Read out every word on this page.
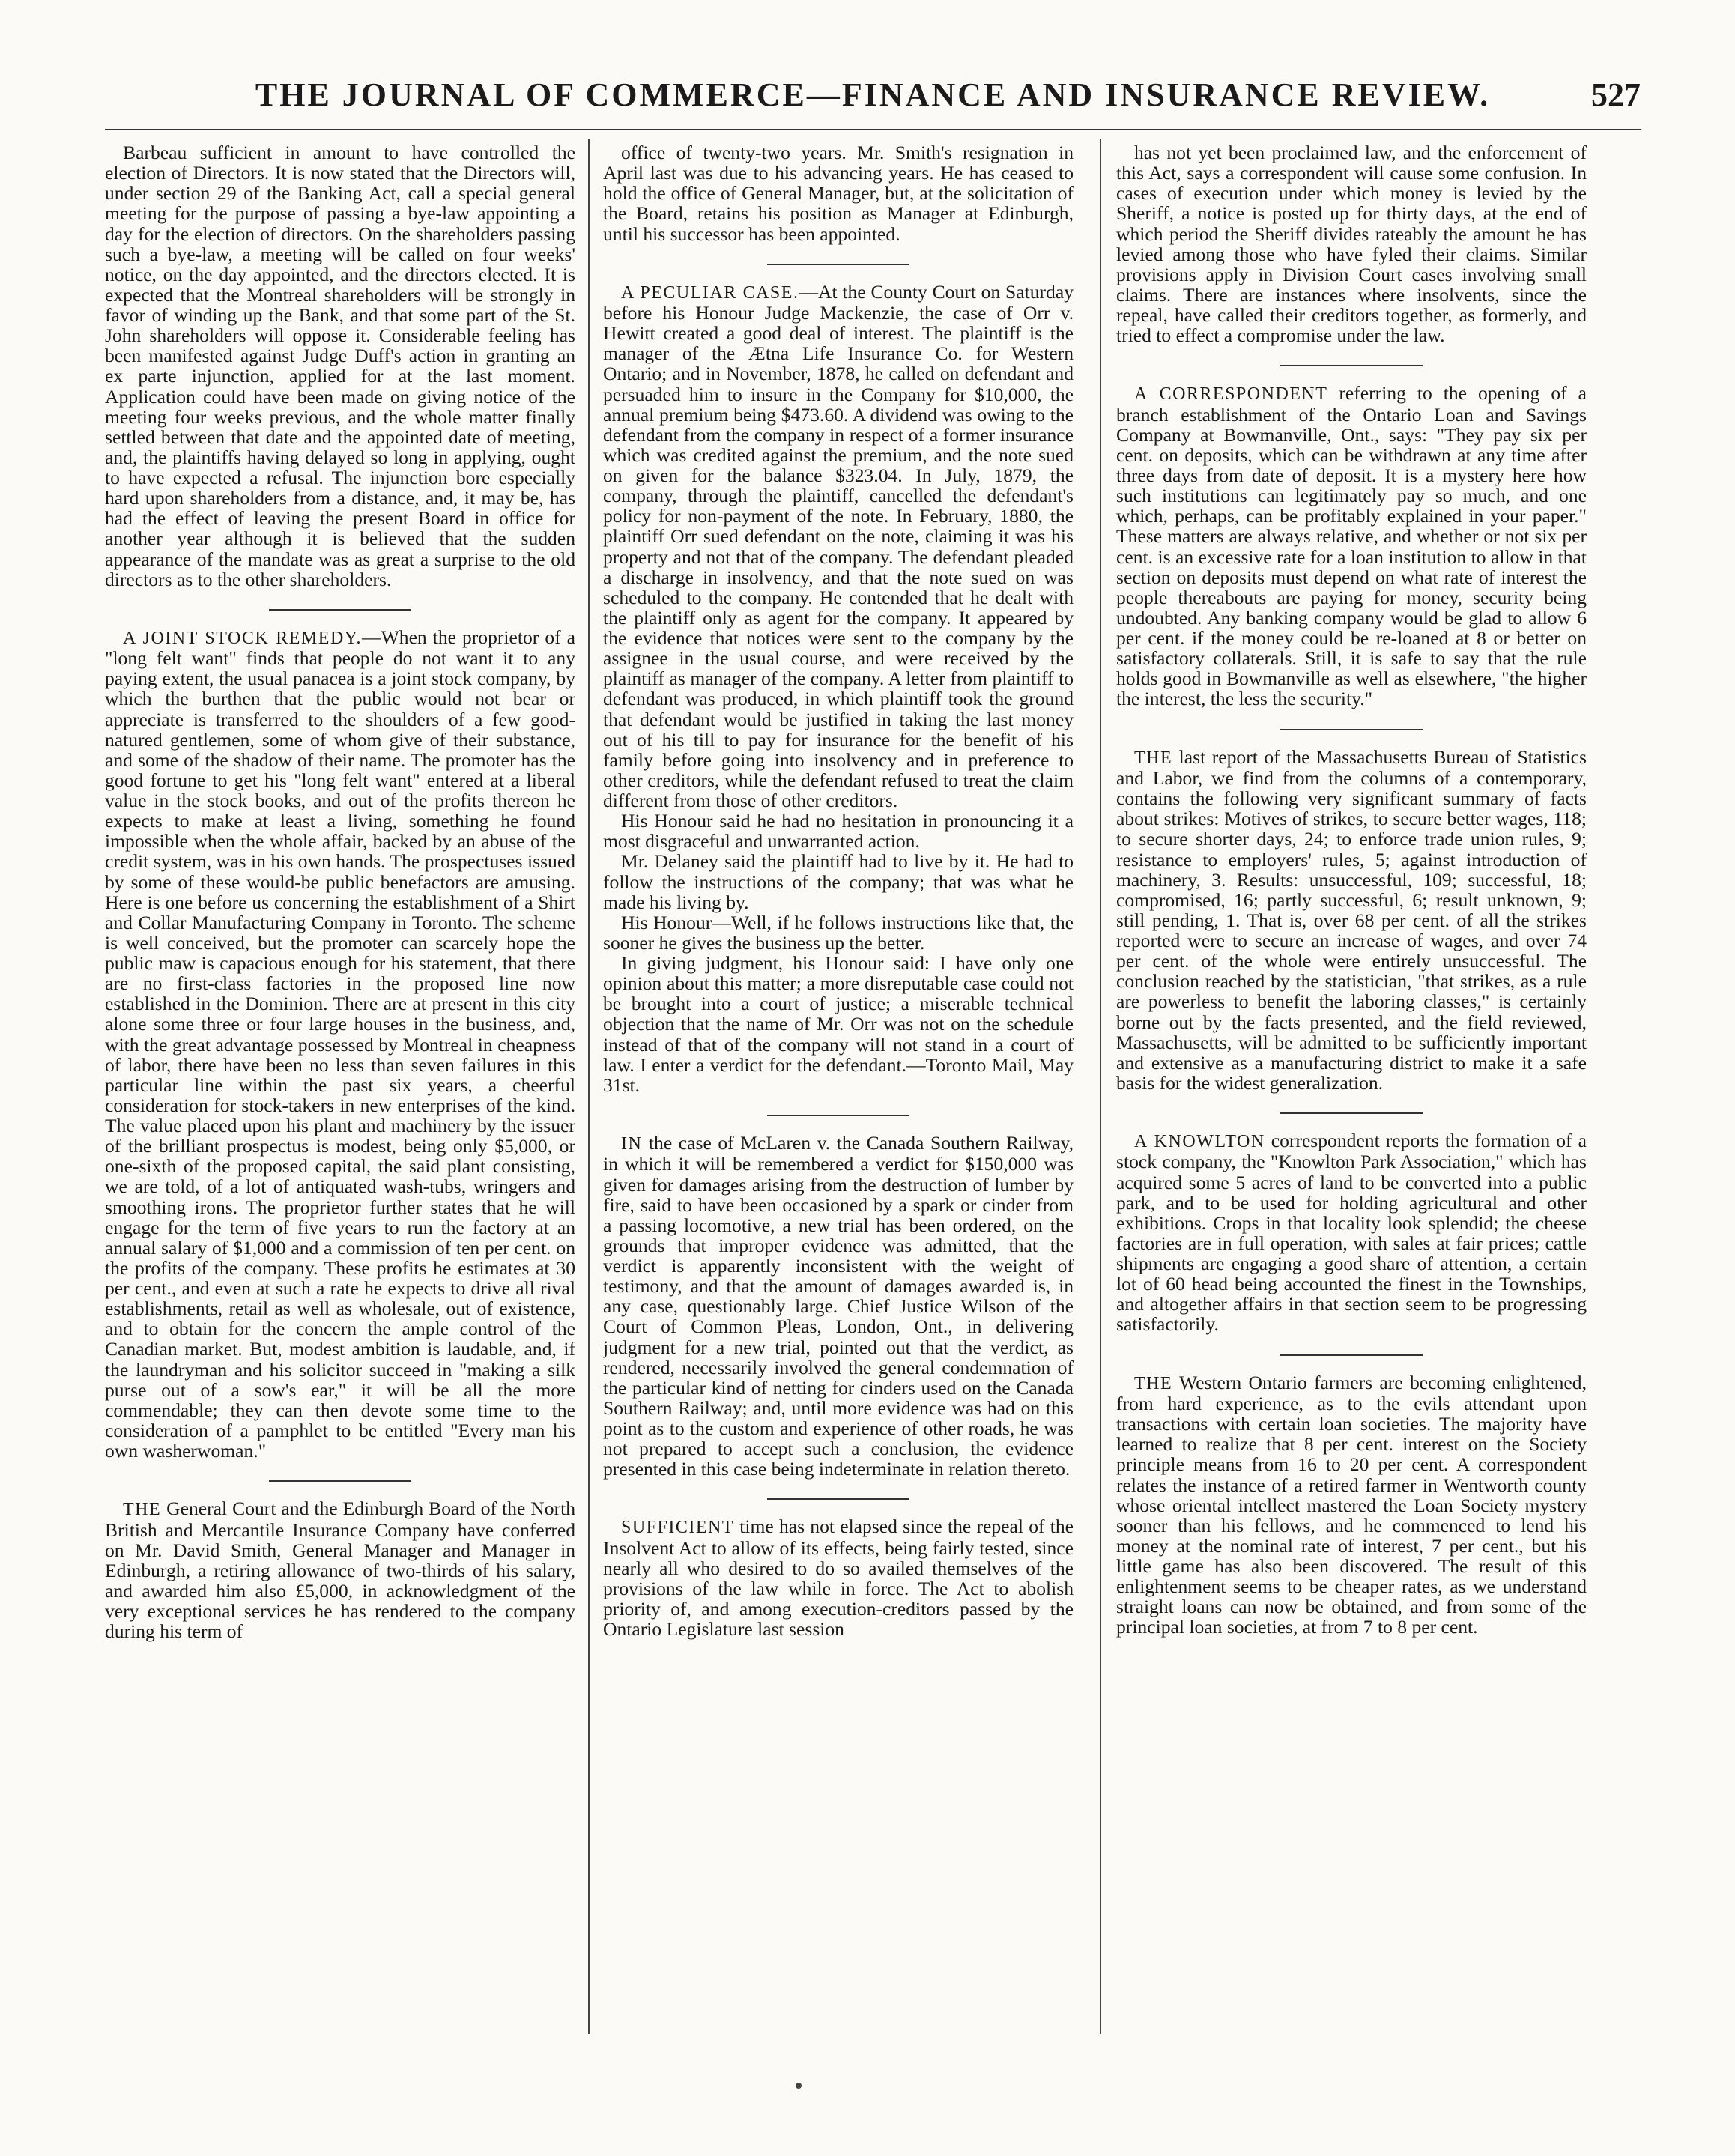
THE JOURNAL OF COMMERCE—FINANCE AND INSURANCE REVIEW.	527

Barbeau sufficient in amount to have controlled the election of Directors. It is now stated that the Directors will, under section 29 of the Banking Act, call a special general meeting for the purpose of passing a bye-law appointing a day for the election of directors. On the shareholders passing such a bye-law, a meeting will be called on four weeks' notice, on the day appointed, and the directors elected. It is expected that the Montreal shareholders will be strongly in favor of winding up the Bank, and that some part of the St. John shareholders will oppose it. Considerable feeling has been manifested against Judge Duff's action in granting an ex parte injunction, applied for at the last moment. Application could have been made on giving notice of the meeting four weeks previous, and the whole matter finally settled between that date and the appointed date of meeting, and, the plaintiffs having delayed so long in applying, ought to have expected a refusal. The injunction bore especially hard upon shareholders from a distance, and, it may be, has had the effect of leaving the present Board in office for another year although it is believed that the sudden appearance of the mandate was as great a surprise to the old directors as to the other shareholders.

A JOINT STOCK REMEDY.—When the proprietor of a "long felt want" finds that people do not want it to any paying extent, the usual panacea is a joint stock company, by which the burthen that the public would not bear or appreciate is transferred to the shoulders of a few good-natured gentlemen, some of whom give of their substance, and some of the shadow of their name. The promoter has the good fortune to get his "long felt want" entered at a liberal value in the stock books, and out of the profits thereon he expects to make at least a living, something he found impossible when the whole affair, backed by an abuse of the credit system, was in his own hands. The prospectuses issued by some of these would-be public benefactors are amusing. Here is one before us concerning the establishment of a Shirt and Collar Manufacturing Company in Toronto. The scheme is well conceived, but the promoter can scarcely hope the public maw is capacious enough for his statement, that there are no first-class factories in the proposed line now established in the Dominion. There are at present in this city alone some three or four large houses in the business, and, with the great advantage possessed by Montreal in cheapness of labor, there have been no less than seven failures in this particular line within the past six years, a cheerful consideration for stock-takers in new enterprises of the kind. The value placed upon his plant and machinery by the issuer of the brilliant prospectus is modest, being only $5,000, or one-sixth of the proposed capital, the said plant consisting, we are told, of a lot of antiquated wash-tubs, wringers and smoothing irons. The proprietor further states that he will engage for the term of five years to run the factory at an annual salary of $1,000 and a commission of ten per cent. on the profits of the company. These profits he estimates at 30 per cent., and even at such a rate he expects to drive all rival establishments, retail as well as wholesale, out of existence, and to obtain for the concern the ample control of the Canadian market. But, modest ambition is laudable, and, if the laundryman and his solicitor succeed in "making a silk purse out of a sow's ear," it will be all the more commendable; they can then devote some time to the consideration of a pamphlet to be entitled "Every man his own washerwoman."

THE General Court and the Edinburgh Board of the North British and Mercantile Insurance Company have conferred on Mr. David Smith, General Manager and Manager in Edinburgh, a retiring allowance of two-thirds of his salary, and awarded him also £5,000, in acknowledgment of the very exceptional services he has rendered to the company during his term of

office of twenty-two years. Mr. Smith's resignation in April last was due to his advancing years. He has ceased to hold the office of General Manager, but, at the solicitation of the Board, retains his position as Manager at Edinburgh, until his successor has been appointed.

A PECULIAR CASE.—At the County Court on Saturday before his Honour Judge Mackenzie, the case of Orr v. Hewitt created a good deal of interest. The plaintiff is the manager of the Ætna Life Insurance Co. for Western Ontario; and in November, 1878, he called on defendant and persuaded him to insure in the Company for $10,000, the annual premium being $473.60. A dividend was owing to the defendant from the company in respect of a former insurance which was credited against the premium, and the note sued on given for the balance $323.04. In July, 1879, the company, through the plaintiff, cancelled the defendant's policy for non-payment of the note. In February, 1880, the plaintiff Orr sued defendant on the note, claiming it was his property and not that of the company. The defendant pleaded a discharge in insolvency, and that the note sued on was scheduled to the company. He contended that he dealt with the plaintiff only as agent for the company. It appeared by the evidence that notices were sent to the company by the assignee in the usual course, and were received by the plaintiff as manager of the company. A letter from plaintiff to defendant was produced, in which plaintiff took the ground that defendant would be justified in taking the last money out of his till to pay for insurance for the benefit of his family before going into insolvency and in preference to other creditors, while the defendant refused to treat the claim different from those of other creditors.

His Honour said he had no hesitation in pronouncing it a most disgraceful and unwarranted action.

Mr. Delaney said the plaintiff had to live by it. He had to follow the instructions of the company; that was what he made his living by.

His Honour—Well, if he follows instructions like that, the sooner he gives the business up the better.

In giving judgment, his Honour said: I have only one opinion about this matter; a more disreputable case could not be brought into a court of justice; a miserable technical objection that the name of Mr. Orr was not on the schedule instead of that of the company will not stand in a court of law. I enter a verdict for the defendant.—Toronto Mail, May 31st.

IN the case of McLaren v. the Canada Southern Railway, in which it will be remembered a verdict for $150,000 was given for damages arising from the destruction of lumber by fire, said to have been occasioned by a spark or cinder from a passing locomotive, a new trial has been ordered, on the grounds that improper evidence was admitted, that the verdict is apparently inconsistent with the weight of testimony, and that the amount of damages awarded is, in any case, questionably large. Chief Justice Wilson of the Court of Common Pleas, London, Ont., in delivering judgment for a new trial, pointed out that the verdict, as rendered, necessarily involved the general condemnation of the particular kind of netting for cinders used on the Canada Southern Railway; and, until more evidence was had on this point as to the custom and experience of other roads, he was not prepared to accept such a conclusion, the evidence presented in this case being indeterminate in relation thereto.

SUFFICIENT time has not elapsed since the repeal of the Insolvent Act to allow of its effects, being fairly tested, since nearly all who desired to do so availed themselves of the provisions of the law while in force. The Act to abolish priority of, and among execution-creditors passed by the Ontario Legislature last session

has not yet been proclaimed law, and the enforcement of this Act, says a correspondent will cause some confusion. In cases of execution under which money is levied by the Sheriff, a notice is posted up for thirty days, at the end of which period the Sheriff divides rateably the amount he has levied among those who have fyled their claims. Similar provisions apply in Division Court cases involving small claims. There are instances where insolvents, since the repeal, have called their creditors together, as formerly, and tried to effect a compromise under the law.

A CORRESPONDENT referring to the opening of a branch establishment of the Ontario Loan and Savings Company at Bowmanville, Ont., says: "They pay six per cent. on deposits, which can be withdrawn at any time after three days from date of deposit. It is a mystery here how such institutions can legitimately pay so much, and one which, perhaps, can be profitably explained in your paper." These matters are always relative, and whether or not six per cent. is an excessive rate for a loan institution to allow in that section on deposits must depend on what rate of interest the people thereabouts are paying for money, security being undoubted. Any banking company would be glad to allow 6 per cent. if the money could be re-loaned at 8 or better on satisfactory collaterals. Still, it is safe to say that the rule holds good in Bowmanville as well as elsewhere, "the higher the interest, the less the security."

THE last report of the Massachusetts Bureau of Statistics and Labor, we find from the columns of a contemporary, contains the following very significant summary of facts about strikes: Motives of strikes, to secure better wages, 118; to secure shorter days, 24; to enforce trade union rules, 9; resistance to employers' rules, 5; against introduction of machinery, 3. Results: unsuccessful, 109; successful, 18; compromised, 16; partly successful, 6; result unknown, 9; still pending, 1. That is, over 68 per cent. of all the strikes reported were to secure an increase of wages, and over 74 per cent. of the whole were entirely unsuccessful. The conclusion reached by the statistician, "that strikes, as a rule are powerless to benefit the laboring classes," is certainly borne out by the facts presented, and the field reviewed, Massachusetts, will be admitted to be sufficiently important and extensive as a manufacturing district to make it a safe basis for the widest generalization.

A KNOWLTON correspondent reports the formation of a stock company, the "Knowlton Park Association," which has acquired some 5 acres of land to be converted into a public park, and to be used for holding agricultural and other exhibitions. Crops in that locality look splendid; the cheese factories are in full operation, with sales at fair prices; cattle shipments are engaging a good share of attention, a certain lot of 60 head being accounted the finest in the Townships, and altogether affairs in that section seem to be progressing satisfactorily.

THE Western Ontario farmers are becoming enlightened, from hard experience, as to the evils attendant upon transactions with certain loan societies. The majority have learned to realize that 8 per cent. interest on the Society principle means from 16 to 20 per cent. A correspondent relates the instance of a retired farmer in Wentworth county whose oriental intellect mastered the Loan Society mystery sooner than his fellows, and he commenced to lend his money at the nominal rate of interest, 7 per cent., but his little game has also been discovered. The result of this enlightenment seems to be cheaper rates, as we understand straight loans can now be obtained, and from some of the principal loan societies, at from 7 to 8 per cent.
